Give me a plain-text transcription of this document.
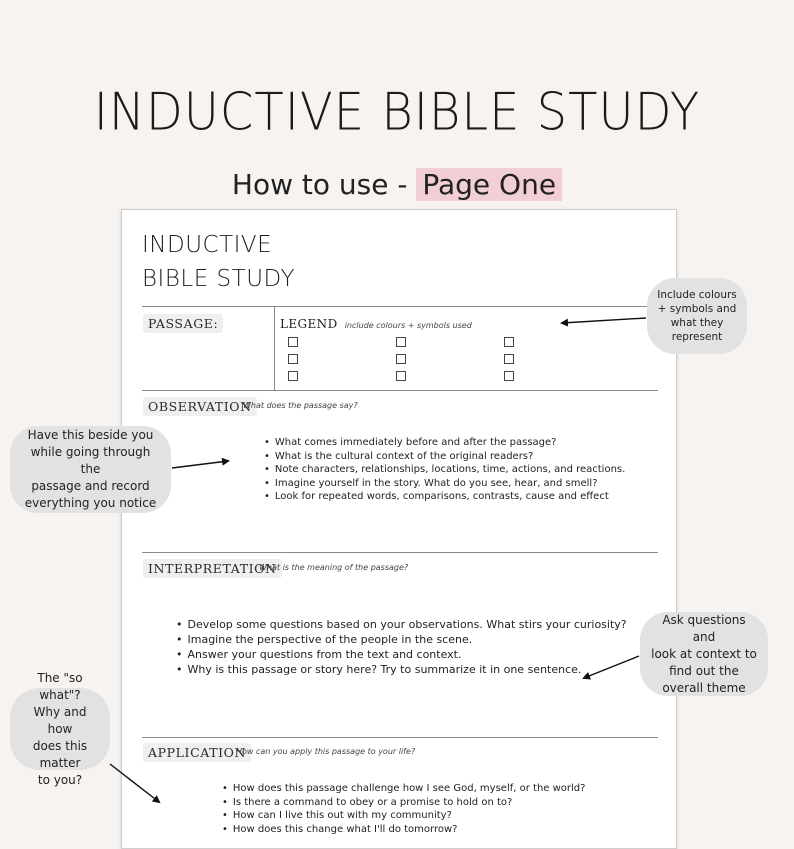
INDUCTIVE BIBLE STUDY
How to use - Page One
INDUCTIVE
BIBLE STUDY
PASSAGE:	LEGEND include colours + symbols used
OBSERVATION
What does the passage say?
• What comes immediately before and after the passage?
• What is the cultural context of the original readers?
• Note characters, relationships, locations, time, actions, and reactions.
• Imagine yourself in the story. What do you see, hear, and smell?
• Look for repeated words, comparisons, contrasts, cause and effect
INTERPRETATION
What is the meaning of the passage?
• Develop some questions based on your observations. What stirs your curiosity?
• Imagine the perspective of the people in the scene.
• Answer your questions from the text and context.
• Why is this passage or story here? Try to summarize it in one sentence.
APPLICATION
How can you apply this passage to your life?
• How does this passage challenge how I see God, myself, or the world?
• Is there a command to obey or a promise to hold on to?
• How can I live this out with my community?
• How does this change what I'll do tomorrow?
Include colours
+ symbols and
what they
represent
Have this beside you
while going through the
passage and record
everything you notice
Ask questions and
look at context to
find out the
overall theme
The "so what"?
Why and how
does this matter
to you?
